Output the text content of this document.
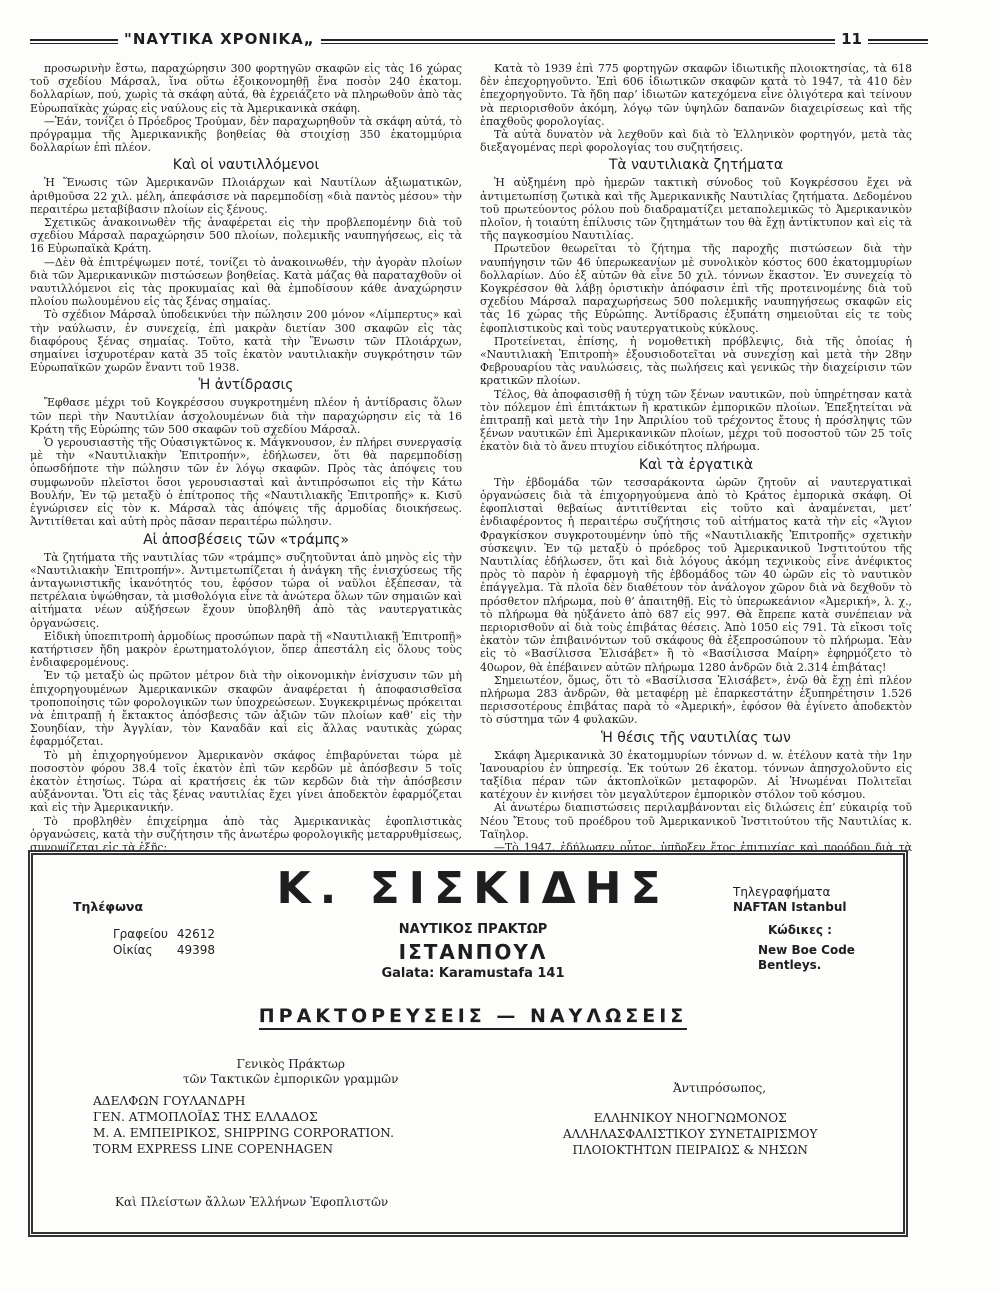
"ΝΑΥΤΙΚΑ ΧΡΟΝΙΚΑ„	11

προσωρινὴν ἔστω, παραχώρησιν 300 φορτηγῶν σκαφῶν εἰς τὰς 16 χώρας τοῦ σχεδίου Μάρσαλ, ἵνα οὕτω ἐξοικονομηθῇ ἕνα ποσὸν 240 ἑκατομ. δολλαρίων, πού, χωρὶς τὰ σκάφη αὐτά, θὰ ἐχρειάζετο νὰ πληρωθοῦν ἀπὸ τὰς Εὐρωπαϊκὰς χώρας εἰς ναύλους εἰς τὰ Ἀμερικανικὰ σκάφη.

—Ἐάν, τονίζει ὁ Πρόεδρος Τρούμαν, δὲν παραχωρηθοῦν τὰ σκάφη αὐτά, τὸ πρόγραμμα τῆς Ἀμερικανικῆς βοηθείας θὰ στοιχίσῃ 350 ἑκατομμύρια δολλαρίων ἐπὶ πλέον.

Καὶ οἱ ναυτιλλόμενοι

Ἡ Ἕνωσις τῶν Ἀμερικανῶν Πλοιάρχων καὶ Ναυτίλων ἀξιωματικῶν, ἀριθμοῦσα 22 χιλ. μέλη, ἀπεφάσισε νὰ παρεμποδίσῃ «διὰ παντὸς μέσου» τὴν περαιτέρω μεταβίβασιν πλοίων εἰς ξένους.

Σχετικῶς ἀνακοινωθὲν τῆς ἀναφέρεται εἰς τὴν προβλεπομένην διὰ τοῦ σχεδίου Μάρσαλ παραχώρησιν 500 πλοίων, πολεμικῆς ναυπηγήσεως, εἰς τὰ 16 Εὐρωπαϊκὰ Κράτη.

—Δὲν θὰ ἐπιτρέψωμεν ποτέ, τονίζει τὸ ἀνακοινωθέν, τὴν ἀγορὰν πλοίων διὰ τῶν Ἀμερικανικῶν πιστώσεων βοηθείας. Κατὰ μάζας θὰ παραταχθοῦν οἱ ναυτιλλόμενοι εἰς τὰς προκυμαίας καὶ θὰ ἐμποδίσουν κάθε ἀναχώρησιν πλοίου πωλουμένου εἰς τὰς ξένας σημαίας.

Τὸ σχέδιον Μάρσαλ ὑποδεικνύει τὴν πώλησιν 200 μόνον «Λίμπερτυς» καὶ τὴν ναύλωσιν, ἐν συνεχείᾳ, ἐπὶ μακρὰν διετίαν 300 σκαφῶν εἰς τὰς διαφόρους ξένας σημαίας. Τοῦτο, κατὰ τὴν Ἕνωσιν τῶν Πλοιάρχων, σημαίνει ἰσχυροτέραν κατὰ 35 τοῖς ἑκατὸν ναυτιλιακὴν συγκρότησιν τῶν Εὐρωπαϊκῶν χωρῶν ἔναντι τοῦ 1938.

Ἡ ἀντίδρασις

Ἔφθασε μέχρι τοῦ Κογκρέσσου συγκροτημένη πλέον ἡ ἀντίδρασις ὅλων τῶν περὶ τὴν Ναυτιλίαν ἀσχολουμένων διὰ τὴν παραχώρησιν εἰς τὰ 16 Κράτη τῆς Εὐρώπης τῶν 500 σκαφῶν τοῦ σχεδίου Μάρσαλ.

Ὁ γερουσιαστὴς τῆς Οὐασιγκτῶνος κ. Μάγκνουσον, ἐν πλήρει συνεργασίᾳ μὲ τὴν «Ναυτιλιακὴν Ἐπιτροπήν», ἐδήλωσεν, ὅτι θὰ παρεμποδίσῃ ὁπωσδήποτε τὴν πώλησιν τῶν ἐν λόγῳ σκαφῶν. Πρὸς τὰς ἀπόψεις του συμφωνοῦν πλεῖστοι ὅσοι γερουσιασταὶ καὶ ἀντιπρόσωποι εἰς τὴν Κάτω Βουλήν, Ἐν τῷ μεταξὺ ὁ ἐπίτροπος τῆς «Ναυτιλιακῆς Ἐπιτροπῆς» κ. Κισῦ ἐγνώρισεν εἰς τὸν κ. Μάρσαλ τὰς ἀπόψεις τῆς ἁρμοδίας διοικήσεως. Ἀντιτίθεται καὶ αὐτὴ πρὸς πᾶσαν περαιτέρω πώλησιν.

Αἱ ἀποσβέσεις τῶν «τράμπς»

Τὰ ζητήματα τῆς ναυτιλίας τῶν «τράμπς» συζητοῦνται ἀπὸ μηνὸς εἰς τὴν «Ναυτιλιακὴν Ἐπιτροπήν». Ἀντιμετωπίζεται ἡ ἀνάγκη τῆς ἐνισχύσεως τῆς ἀνταγωνιστικῆς ἱκανότητός του, ἐφόσον τώρα οἱ ναῦλοι ἐξέπεσαν, τὰ πετρέλαια ὑψώθησαν, τὰ μισθολόγια εἶνε τὰ ἀνώτερα ὅλων τῶν σημαιῶν καὶ αἰτήματα νέων αὐξήσεων ἔχουν ὑποβληθῆ ἀπὸ τὰς ναυτεργατικὰς ὀργανώσεις.

Εἰδικὴ ὑποεπιτροπὴ ἁρμοδίως προσώπων παρὰ τῇ «Ναυτιλιακῇ Ἐπιτροπῇ» κατήρτισεν ἤδη μακρὸν ἐρωτηματολόγιον, ὅπερ ἀπεστάλη εἰς ὅλους τοὺς ἐνδιαφερομένους.

Ἐν τῷ μεταξὺ ὡς πρῶτον μέτρον διὰ τὴν οἰκονομικὴν ἐνίσχυσιν τῶν μὴ ἐπιχορηγουμένων Ἀμερικανικῶν σκαφῶν ἀναφέρεται ἡ ἀποφασισθεῖσα τροποποίησις τῶν φορολογικῶν των ὑποχρεώσεων. Συγκεκριμένως πρόκειται νὰ ἐπιτραπῇ ἡ ἔκτακτος ἀπόσβεσις τῶν ἀξιῶν τῶν πλοίων καθ’ εἰς τὴν Σουηδίαν, τὴν Ἀγγλίαν, τὸν Καναδᾶν καὶ εἰς ἄλλας ναυτικὰς χώρας ἐφαρμόζεται.

Τὸ μὴ ἐπιχορηγούμενον Ἀμερικανὸν σκάφος ἐπιβαρύνεται τώρα μὲ ποσοστὸν φόρου 38.4 τοῖς ἑκατὸν ἐπὶ τῶν κερδῶν μὲ ἀπόσβεσιν 5 τοῖς ἑκατὸν ἐτησίως. Τώρα αἱ κρατήσεις ἐκ τῶν κερδῶν διὰ τὴν ἀπόσβεσιν αὐξάνονται. Ὅτι εἰς τὰς ξένας ναυτιλίας ἔχει γίνει ἀποδεκτὸν ἐφαρμόζεται καὶ εἰς τὴν Ἀμερικανικήν.

Τὸ προβληθὲν ἐπιχείρημα ἀπὸ τὰς Ἀμερικανικὰς ἐφοπλιστικὰς ὀργανώσεις, κατὰ τὴν συζήτησιν τῆς ἀνωτέρω φορολογικῆς μεταρρυθμίσεως, συνοψίζεται εἰς τὰ ἑξῆς:

Κατὰ τὸ 1939 ἐπὶ 775 φορτηγῶν σκαφῶν ἰδιωτικῆς πλοιοκτησίας, τὰ 618 δὲν ἐπεχορηγοῦντο. Ἐπὶ 606 ἰδιωτικῶν σκαφῶν κατὰ τὸ 1947, τὰ 410 δὲν ἐπεχορηγοῦντο. Τὰ ἤδη παρ’ ἰδιωτῶν κατεχόμενα εἶνε ὀλιγότερα καὶ τείνουν νὰ περιορισθοῦν ἀκόμη, λόγῳ τῶν ὑψηλῶν δαπανῶν διαχειρίσεως καὶ τῆς ἐπαχθοῦς φορολογίας.

Τὰ αὐτὰ δυνατὸν νὰ λεχθοῦν καὶ διὰ τὸ Ἑλληνικὸν φορτηγόν, μετὰ τὰς διεξαγομένας περὶ φορολογίας του συζητήσεις.

Τὰ ναυτιλιακὰ ζητήματα

Ἡ αὐξημένη πρὸ ἡμερῶν τακτικὴ σύνοδος τοῦ Κογκρέσσου ἔχει νὰ ἀντιμετωπίσῃ ζωτικὰ καὶ τῆς Ἀμερικανικῆς Ναυτιλίας ζητήματα. Δεδομένου τοῦ πρωτεύοντος ρόλου ποὺ διαδραματίζει μεταπολεμικῶς τὸ Ἀμερικανικὸν πλοῖον, ἡ τοιαύτη ἐπίλυσις τῶν ζητημάτων του θὰ ἔχῃ ἀντίκτυπον καὶ εἰς τὰ τῆς παγκοσμίου Ναυτιλίας.

Πρωτεῦον θεωρεῖται τὸ ζήτημα τῆς παροχῆς πιστώσεων διὰ τὴν ναυπήγησιν τῶν 46 ὑπερωκεανίων μὲ συνολικὸν κόστος 600 ἑκατομμυρίων δολλαρίων. Δύο ἐξ αὐτῶν θὰ εἶνε 50 χιλ. τόννων ἕκαστον. Ἐν συνεχείᾳ τὸ Κογκρέσσον θὰ λάβῃ ὁριστικὴν ἀπόφασιν ἐπὶ τῆς προτεινομένης διὰ τοῦ σχεδίου Μάρσαλ παραχωρήσεως 500 πολεμικῆς ναυπηγήσεως σκαφῶν εἰς τὰς 16 χώρας τῆς Εὐρώπης. Ἀντίδρασις ἐξυπάτη σημειοῦται εἰς τε τοὺς ἐφοπλιστικοὺς καὶ τοὺς ναυτεργατικοὺς κύκλους.

Προτείνεται, ἐπίσης, ἡ νομοθετικὴ πρόβλεψις, διὰ τῆς ὁποίας ἡ «Ναυτιλιακὴ Ἐπιτροπὴ» ἐξουσιοδοτεῖται νὰ συνεχίσῃ καὶ μετὰ τὴν 28ην Φεβρουαρίου τὰς ναυλώσεις, τὰς πωλήσεις καὶ γενικῶς τὴν διαχείρισιν τῶν κρατικῶν πλοίων.

Τέλος, θὰ ἀποφασισθῇ ἡ τύχη τῶν ξένων ναυτικῶν, ποὺ ὑπηρέτησαν κατὰ τὸν πόλεμον ἐπὶ ἐπιτάκτων ἢ κρατικῶν ἐμπορικῶν πλοίων. Ἐπεξητείται νὰ ἐπιτραπῇ καὶ μετὰ τὴν 1ην Ἀπριλίου τοῦ τρέχοντος ἔτους ἡ πρόσληψις τῶν ξένων ναυτικῶν ἐπὶ Ἀμερικανικῶν πλοίων, μέχρι τοῦ ποσοστοῦ τῶν 25 τοῖς ἑκατὸν διὰ τὸ ἄνευ πτυχίου εἰδικότητος πλήρωμα.

Καὶ τὰ ἐργατικὰ

Τὴν ἑβδομάδα τῶν τεσσαράκοντα ὡρῶν ζητοῦν αἱ ναυτεργατικαὶ ὀργανώσεις διὰ τὰ ἐπιχορηγούμενα ἀπὸ τὸ Κράτος ἐμπορικὰ σκάφη. Οἱ ἐφοπλισταὶ θεβαίως ἀντιτίθενται εἰς τοῦτο καὶ ἀναμένεται, μετ’ ἐνδιαφέροντος ἡ περαιτέρω συζήτησις τοῦ αἰτήματος κατὰ τὴν εἰς «Ἅγιον Φραγκίσκον συγκροτουμένην ὑπὸ τῆς «Ναυτιλιακῆς Ἐπιτροπῆς» σχετικὴν σύσκεψιν. Ἐν τῷ μεταξὺ ὁ πρόεδρος τοῦ Ἀμερικανικοῦ Ἰνστιτούτου τῆς Ναυτιλίας ἐδήλωσεν, ὅτι καὶ διὰ λόγους ἀκόμη τεχνικοὺς εἶνε ἀνέφικτος πρὸς τὸ παρὸν ἡ ἐφαρμογὴ τῆς ἑβδομάδος τῶν 40 ὡρῶν εἰς τὸ ναυτικὸν ἐπάγγελμα. Τὰ πλοῖα δὲν διαθέτουν τὸν ἀνάλογον χῶρον διὰ νὰ δεχθοῦν τὸ πρόσθετον πλήρωμα, ποὺ θ’ ἀπαιτηθῇ. Εἰς τὸ ὑπερωκεάνιον «Ἀμερική», λ. χ., τὸ πλήρωμα θὰ ηὐξάνετο ἀπὸ 687 εἰς 997. Θὰ ἔπρεπε κατὰ συνέπειαν νὰ περιορισθοῦν αἱ διὰ τοὺς ἐπιβάτας θέσεις. Ἀπὸ 1050 εἰς 791. Τὰ εἴκοσι τοῖς ἑκατὸν τῶν ἐπιβαινόντων τοῦ σκάφους θὰ ἐξεπροσώπουν τὸ πλήρωμα. Ἐὰν εἰς τὸ «Βασίλισσα Ἐλισάβετ» ἢ τὸ «Βασίλισσα Μαίρη» ἐφηρμόζετο τὸ 40ωρον, θὰ ἐπέβαινεν αὐτῶν πλήρωμα 1280 ἀνδρῶν διὰ 2.314 ἐπιβάτας!

Σημειωτέον, ὅμως, ὅτι τὸ «Βασίλισσα Ἐλισάβετ», ἐνῷ θὰ ἔχῃ ἐπὶ πλέον πλήρωμα 283 ἀνδρῶν, θὰ μεταφέρῃ μὲ ἐπαρκεστάτην ἐξυπηρέτησιν 1.526 περισσοτέρους ἐπιβάτας παρὰ τὸ «Ἀμερική», ἐφόσον θὰ ἐγίνετο ἀποδεκτὸν τὸ σύστημα τῶν 4 φυλακῶν.

Ἡ θέσις τῆς ναυτιλίας των

Σκάφη Ἀμερικανικὰ 30 ἑκατομμυρίων τόννων d. w. ἐτέλουν κατὰ τὴν 1ην Ἰανουαρίου ἐν ὑπηρεσίᾳ. Ἐκ τούτων 26 ἑκατομ. τόννων ἀπησχολοῦντο εἰς ταξίδια πέραν τῶν ἀκτοπλοϊκῶν μεταφορῶν. Αἱ Ἡνωμέναι Πολιτεῖαι κατέχουν ἐν κινήσει τὸν μεγαλύτερον ἐμπορικὸν στόλον τοῦ κόσμου.

Αἱ ἀνωτέρω διαπιστώσεις περιλαμβάνονται εἰς διλώσεις ἐπ’ εὐκαιρίᾳ τοῦ Νέου Ἔτους τοῦ προέδρου τοῦ Ἀμερικανικοῦ Ἰνστιτούτου τῆς Ναυτιλίας κ. Ταϊηλορ.

—Τὸ 1947, ἐδήλωσεν οὗτος, ὑπῆρξεν ἔτος ἐπιτυχίας καὶ προόδου διὰ τὰ

Τηλέφωνα
Γραφείου 42612
Οἰκίας 49398
Κ. ΣΙΣΚΙΔΗΣ
ΝΑΥΤΙΚΟΣ ΠΡΑΚΤΩΡ
ΙΣΤΑΝΠΟΥΛ
Galata: Karamustafa 141
Τηλεγραφήματα
NAFTAN Istanbul
Κώδικες :
New Boe Code
Bentleys.
ΠΡΑΚΤΟΡΕΥΣΕΙΣ — ΝΑΥΛΩΣΕΙΣ
Γενικὸς Πράκτωρ
τῶν Τακτικῶν ἐμπορικῶν γραμμῶν
Ἀντιπρόσωπος,
ΑΔΕΛΦΩΝ ΓΟΥΛΑΝΔΡΗ
ΓΕΝ. ΑΤΜΟΠΛΟΪΑΣ ΤΗΣ ΕΛΛΑΔΟΣ
Μ. Α. ΕΜΠΕΙΡΙΚΟΣ, SHIPPING CORPORATION.
TORM EXPRESS LINE COPENHAGEN
ΕΛΛΗΝΙΚΟΥ ΝΗΟΓΝΩΜΟΝΟΣ
ΑΛΛΗΛΑΣΦΑΛΙΣΤΙΚΟΥ ΣΥΝΕΤΑΙΡΙΣΜΟΥ
ΠΛΟΙΟΚΤΗΤΩΝ ΠΕΙΡΑΙΩΣ & ΝΗΣΩΝ
Καὶ Πλείστων ἄλλων Ἑλλήνων Ἐφοπλιστῶν
